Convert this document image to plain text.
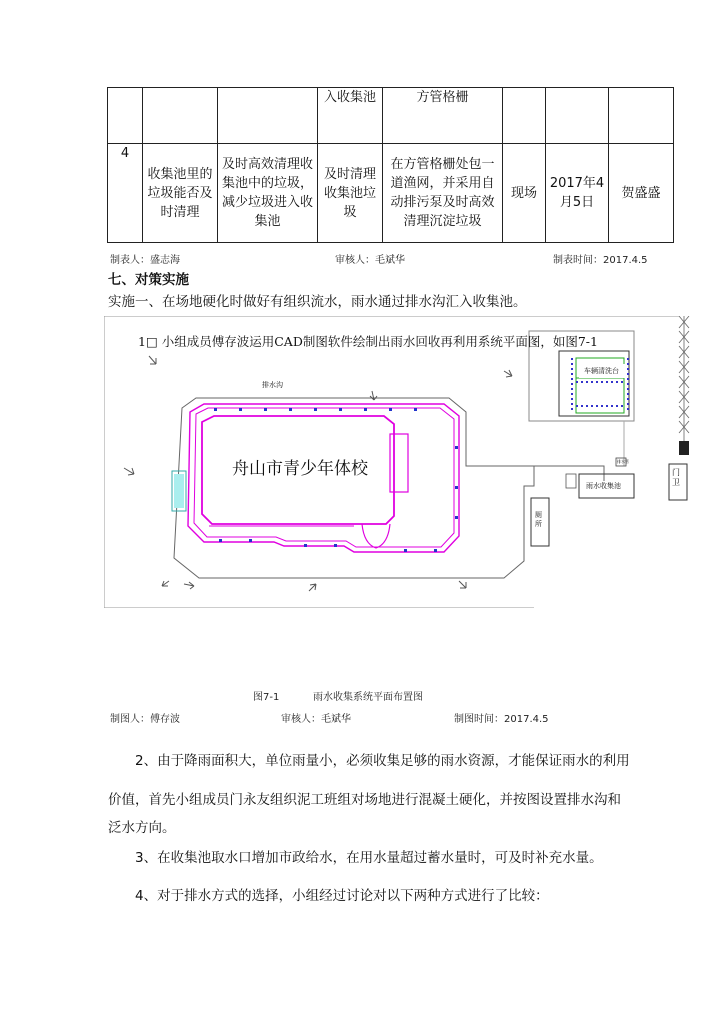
			入收集池	方管格栅			
4	收集池里的垃圾能否及时清理	及时高效清理收集池中的垃圾，减少垃圾进入收集池	及时清理收集池垃圾	在方管格栅处包一道渔网，并采用自动排污泵及时高效清理沉淀垃圾	现场	2017年4月5日	贺盛盛
制表人：盛志海	审核人：毛斌华	制表时间：2017.4.5
七、对策实施
实施一、在场地硬化时做好有组织流水，雨水通过排水沟汇入收集池。
1□ 小组成员傅存波运用CAD制图软件绘制出雨水回收再利用系统平面图，如图7-1
舟山市青少年体校
排水沟
车辆清洗台
雨水收集池
门卫
厕所
排水管
图7-1	雨水收集系统平面布置图
制图人：傅存波	审核人：毛斌华	制图时间：2017.4.5
2、由于降雨面积大，单位雨量小，必须收集足够的雨水资源，才能保证雨水的利用
价值，首先小组成员门永友组织泥工班组对场地进行混凝土硬化，并按图设置排水沟和
泛水方向。
3、在收集池取水口增加市政给水，在用水量超过蓄水量时，可及时补充水量。
4、对于排水方式的选择，小组经过讨论对以下两种方式进行了比较：
